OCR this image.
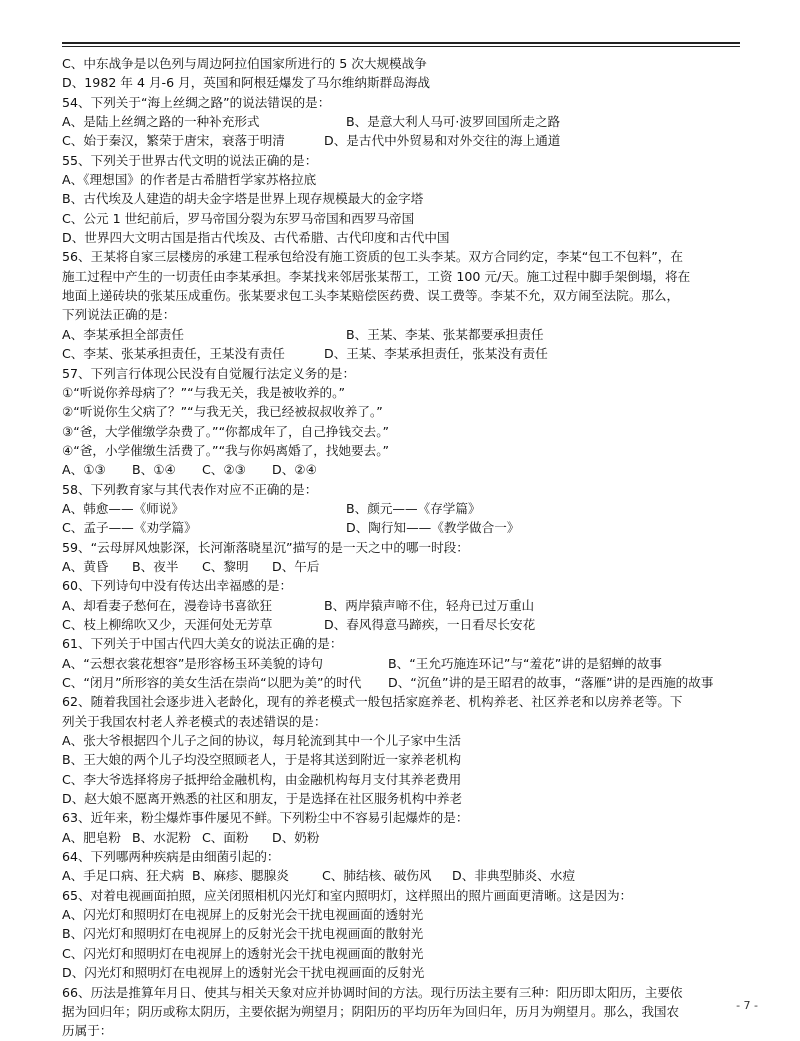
C、中东战争是以色列与周边阿拉伯国家所进行的 5 次大规模战争
D、1982 年 4 月-6 月，英国和阿根廷爆发了马尔维纳斯群岛海战
54、下列关于“海上丝绸之路”的说法错误的是：
A、是陆上丝绸之路的一种补充形式	B、是意大利人马可·波罗回国所走之路
C、始于秦汉，繁荣于唐宋，衰落于明清	D、是古代中外贸易和对外交往的海上通道
55、下列关于世界古代文明的说法正确的是：
A、《理想国》的作者是古希腊哲学家苏格拉底
B、古代埃及人建造的胡夫金字塔是世界上现存规模最大的金字塔
C、公元 1 世纪前后，罗马帝国分裂为东罗马帝国和西罗马帝国
D、世界四大文明古国是指古代埃及、古代希腊、古代印度和古代中国
56、王某将自家三层楼房的承建工程承包给没有施工资质的包工头李某。双方合同约定，李某“包工不包料”，在
施工过程中产生的一切责任由李某承担。李某找来邻居张某帮工，工资 100 元/天。施工过程中脚手架倒塌，将在
地面上递砖块的张某压成重伤。张某要求包工头李某赔偿医药费、误工费等。李某不允，双方闹至法院。那么，
下列说法正确的是：
A、李某承担全部责任	B、王某、李某、张某都要承担责任
C、李某、张某承担责任，王某没有责任	D、王某、李某承担责任，张某没有责任
57、下列言行体现公民没有自觉履行法定义务的是：
①“听说你养母病了？”“与我无关，我是被收养的。”
②“听说你生父病了？”“与我无关，我已经被叔叔收养了。”
③“爸，大学催缴学杂费了。”“你都成年了，自己挣钱交去。”
④“爸，小学催缴生活费了。”“我与你妈离婚了，找她要去。”
A、①③ B、①④ C、②③ D、②④
58、下列教育家与其代表作对应不正确的是：
A、韩愈——《师说》	B、颜元——《存学篇》
C、孟子——《劝学篇》	D、陶行知——《教学做合一》
59、“云母屏风烛影深，长河渐落晓星沉”描写的是一天之中的哪一时段：
A、黄昏 B、夜半 C、黎明 D、午后
60、下列诗句中没有传达出幸福感的是：
A、却看妻子愁何在，漫卷诗书喜欲狂	B、两岸猿声啼不住，轻舟已过万重山
C、枝上柳绵吹又少，天涯何处无芳草	D、春风得意马蹄疾，一日看尽长安花
61、下列关于中国古代四大美女的说法正确的是：
A、“云想衣裳花想容”是形容杨玉环美貌的诗句	B、“王允巧施连环记”与“羞花”讲的是貂蝉的故事
C、“闭月”所形容的美女生活在崇尚“以肥为美”的时代 D、“沉鱼”讲的是王昭君的故事，“落雁”讲的是西施的故事
62、随着我国社会逐步进入老龄化，现有的养老模式一般包括家庭养老、机构养老、社区养老和以房养老等。下
列关于我国农村老人养老模式的表述错误的是：
A、张大爷根据四个儿子之间的协议，每月轮流到其中一个儿子家中生活
B、王大娘的两个儿子均没空照顾老人，于是将其送到附近一家养老机构
C、李大爷选择将房子抵押给金融机构，由金融机构每月支付其养老费用
D、赵大娘不愿离开熟悉的社区和朋友，于是选择在社区服务机构中养老
63、近年来，粉尘爆炸事件屡见不鲜。下列粉尘中不容易引起爆炸的是：
A、肥皂粉 B、水泥粉 C、面粉 D、奶粉
64、下列哪两种疾病是由细菌引起的：
A、手足口病、狂犬病 B、麻疹、腮腺炎	C、肺结核、破伤风 D、非典型肺炎、水痘
65、对着电视画面拍照，应关闭照相机闪光灯和室内照明灯，这样照出的照片画面更清晰。这是因为：
A、闪光灯和照明灯在电视屏上的反射光会干扰电视画面的透射光
B、闪光灯和照明灯在电视屏上的反射光会干扰电视画面的散射光
C、闪光灯和照明灯在电视屏上的透射光会干扰电视画面的散射光
D、闪光灯和照明灯在电视屏上的透射光会干扰电视画面的反射光
66、历法是推算年月日、使其与相关天象对应并协调时间的方法。现行历法主要有三种：阳历即太阳历，主要依
据为回归年；阴历或称太阴历，主要依据为朔望月；阴阳历的平均历年为回归年，历月为朔望月。那么，我国农
历属于：
- 7 -
